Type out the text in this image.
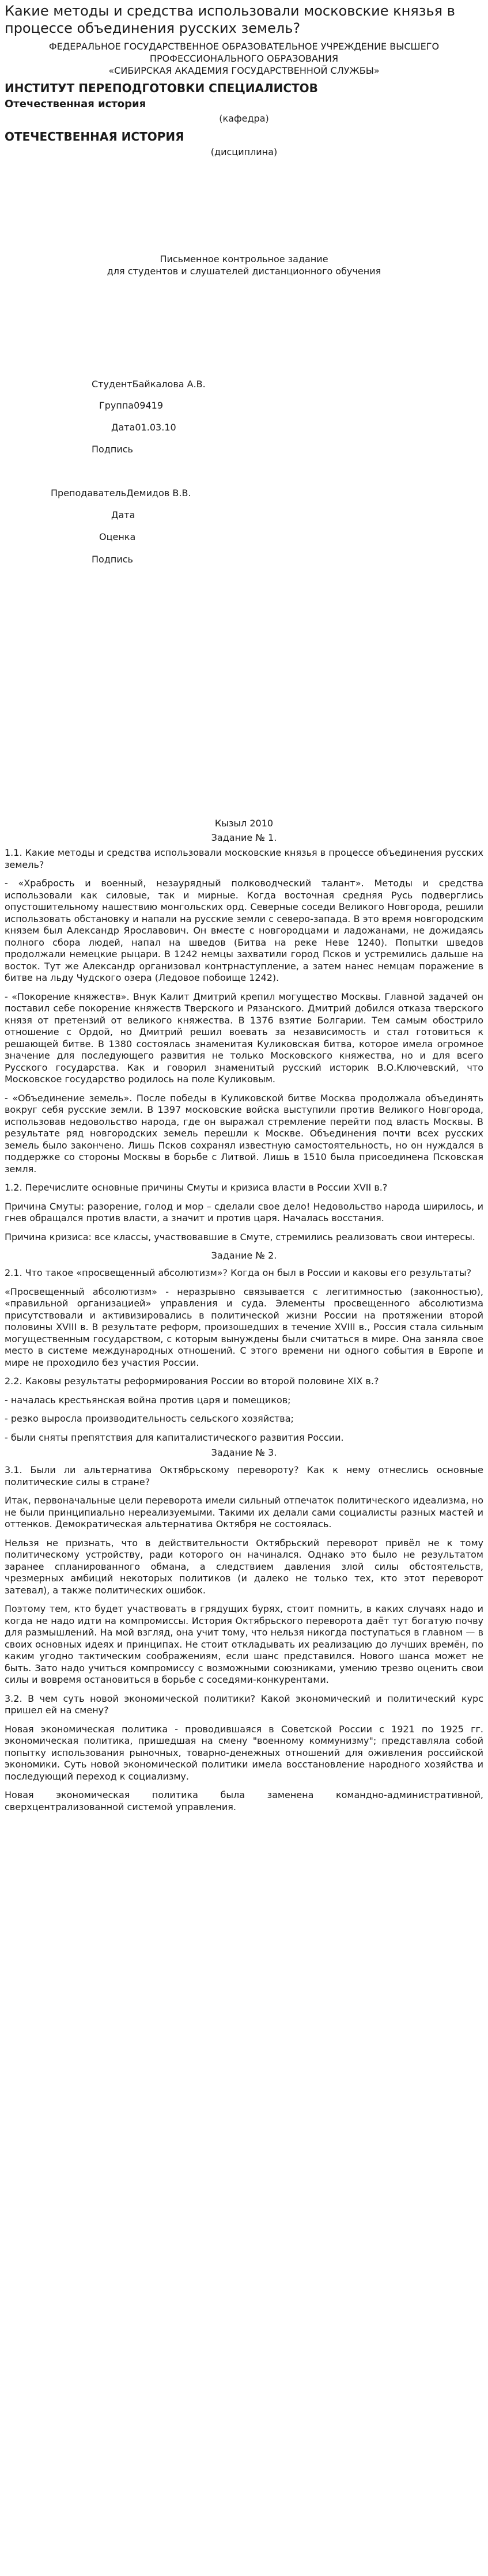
Какие методы и средства использовали московские князья в процессе объединения русских земель?
ФЕДЕРАЛЬНОЕ ГОСУДАРСТВЕННОЕ ОБРАЗОВАТЕЛЬНОЕ УЧРЕЖДЕНИЕ ВЫСШЕГО
ПРОФЕССИОНАЛЬНОГО ОБРАЗОВАНИЯ
«СИБИРСКАЯ АКАДЕМИЯ ГОСУДАРСТВЕННОЙ СЛУЖБЫ»
ИНСТИТУТ ПЕРЕПОДГОТОВКИ СПЕЦИАЛИСТОВ
Отечественная история
(кафедра)
ОТЕЧЕСТВЕННАЯ ИСТОРИЯ
(дисциплина)
Письменное контрольное задание
для студентов и слушателей дистанционного обучения
СтудентБайкалова А.В.
Группа09419
Дата01.03.10
Подпись
ПреподавательДемидов В.В.
Дата
Оценка
Подпись
Кызыл 2010
Задание № 1.

1.1. Какие методы и средства использовали московские князья в процессе объединения русских земель?

- «Храбрость и военный, незаурядный полководческий талант». Методы и средства использовали как силовые, так и мирные. Когда восточная средняя Русь подверглись опустошительному нашествию монгольских орд. Северные соседи Великого Новгорода, решили использовать обстановку и напали на русские земли с северо-запада. В это время новгородским князем был Александр Ярославович. Он вместе с новгородцами и ладожанами, не дожидаясь полного сбора людей, напал на шведов (Битва на реке Неве 1240). Попытки шведов продолжали немецкие рыцари. В 1242 немцы захватили город Псков и устремились дальше на восток. Тут же Александр организовал контрнаступление, а затем нанес немцам поражение в битве на льду Чудского озера (Ледовое побоище 1242).

- «Покорение княжеств». Внук Калит Дмитрий крепил могущество Москвы. Главной задачей он поставил себе покорение княжеств Тверского и Рязанского. Дмитрий добился отказа тверского князя от претензий от великого княжества. В 1376 взятие Болгарии. Тем самым обострило отношение с Ордой, но Дмитрий решил воевать за независимость и стал готовиться к решающей битве. В 1380 состоялась знаменитая Куликовская битва, которое имела огромное значение для последующего развития не только Московского княжества, но и для всего Русского государства. Как и говорил знаменитый русский историк В.О.Ключевский, что Московское государство родилось на поле Куликовым.

- «Объединение земель». После победы в Куликовской битве Москва продолжала объединять вокруг себя русские земли. В 1397 московские войска выступили против Великого Новгорода, использовав недовольство народа, где он выражал стремление перейти под власть Москвы. В результате ряд новгородских земель перешли к Москве. Объединения почти всех русских земель было закончено. Лишь Псков сохранял известную самостоятельность, но он нуждался в поддержке со стороны Москвы в борьбе с Литвой. Лишь в 1510 была присоединена Псковская земля.

1.2. Перечислите основные причины Смуты и кризиса власти в России XVII в.?

Причина Смуты: разорение, голод и мор – сделали свое дело! Недовольство народа ширилось, и гнев обращался против власти, а значит и против царя. Началась восстания.

Причина кризиса: все классы, участвовавшие в Смуте, стремились реализовать свои интересы.

Задание № 2.

2.1. Что такое «просвещенный абсолютизм»? Когда он был в России и каковы его результаты?

«Просвещенный абсолютизм» - неразрывно связывается с легитимностью (законностью), «правильной организацией» управления и суда. Элементы просвещенного абсолютизма присутствовали и активизировались в политической жизни России на протяжении второй половины XVIII в. В результате реформ, произошедших в течение XVIII в., Россия стала сильным могущественным государством, с которым вынуждены были считаться в мире. Она заняла свое место в системе международных отношений. С этого времени ни одного события в Европе и мире не проходило без участия России.

2.2. Каковы результаты реформирования России во второй половине XIX в.?

- началась крестьянская война против царя и помещиков;

- резко выросла производительность сельского хозяйства;

- были сняты препятствия для капиталистического развития России.

Задание № 3.

3.1. Были ли альтернатива Октябрьскому перевороту? Как к нему отнеслись основные политические силы в стране?

Итак, первоначальные цели переворота имели сильный отпечаток политического идеализма, но не были принципиально нереализуемыми. Такими их делали сами социалисты разных мастей и оттенков. Демократическая альтернатива Октября не состоялась.

Нельзя не признать, что в действительности Октябрьский переворот привёл не к тому политическому устройству, ради которого он начинался. Однако это было не результатом заранее спланированного обмана, а следствием давления злой силы обстоятельств, чрезмерных амбиций некоторых политиков (и далеко не только тех, кто этот переворот затевал), а также политических ошибок.

Поэтому тем, кто будет участвовать в грядущих бурях, стоит помнить, в каких случаях надо и когда не надо идти на компромиссы. История Октябрьского переворота даёт тут богатую почву для размышлений. На мой взгляд, она учит тому, что нельзя никогда поступаться в главном — в своих основных идеях и принципах. Не стоит откладывать их реализацию до лучших времён, по каким угодно тактическим соображениям, если шанс представился. Нового шанса может не быть. Зато надо учиться компромиссу с возможными союзниками, умению трезво оценить свои силы и вовремя остановиться в борьбе с соседями-конкурентами.

3.2. В чем суть новой экономической политики? Какой экономический и политический курс пришел ей на смену?

Новая экономическая политика - проводившаяся в Советской России с 1921 по 1925 гг. экономическая политика, пришедшая на смену "военному коммунизму"; представляла собой попытку использования рыночных, товарно-денежных отношений для оживления российской экономики. Суть новой экономической политики имела восстановление народного хозяйства и последующий переход к социализму.

Новая экономическая политика была заменена командно-административной, сверхцентрализованной системой управления.
